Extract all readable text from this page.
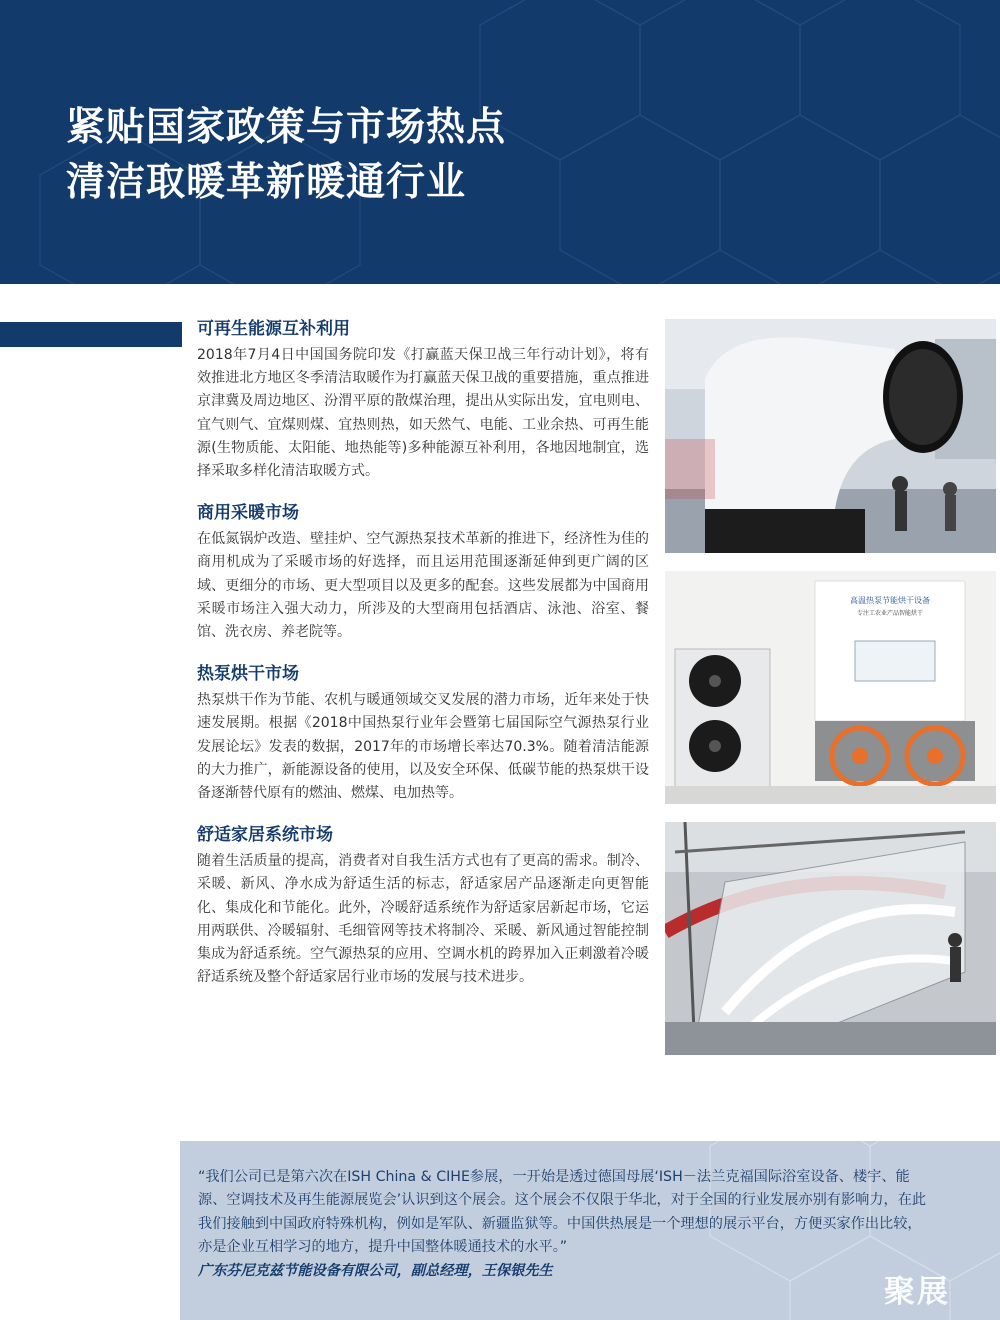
紧贴国家政策与市场热点
清洁取暖革新暖通行业
可再生能源互补利用

2018年7月4日中国国务院印发《打赢蓝天保卫战三年行动计划》，将有效推进北方地区冬季清洁取暖作为打赢蓝天保卫战的重要措施，重点推进京津冀及周边地区、汾渭平原的散煤治理，提出从实际出发，宜电则电、宜气则气、宜煤则煤、宜热则热，如天然气、电能、工业余热、可再生能源(生物质能、太阳能、地热能等)多种能源互补利用，各地因地制宜，选择采取多样化清洁取暖方式。

商用采暖市场

在低氮锅炉改造、壁挂炉、空气源热泵技术革新的推进下，经济性为佳的商用机成为了采暖市场的好选择，而且运用范围逐渐延伸到更广阔的区域、更细分的市场、更大型项目以及更多的配套。这些发展都为中国商用采暖市场注入强大动力，所涉及的大型商用包括酒店、泳池、浴室、餐馆、洗衣房、养老院等。

热泵烘干市场

热泵烘干作为节能、农机与暖通领域交叉发展的潜力市场，近年来处于快速发展期。根据《2018中国热泵行业年会暨第七届国际空气源热泵行业发展论坛》发表的数据，2017年的市场增长率达70.3%。随着清洁能源的大力推广，新能源设备的使用，以及安全环保、低碳节能的热泵烘干设备逐渐替代原有的燃油、燃煤、电加热等。

舒适家居系统市场

随着生活质量的提高，消费者对自我生活方式也有了更高的需求。制冷、采暖、新风、净水成为舒适生活的标志，舒适家居产品逐渐走向更智能化、集成化和节能化。此外，冷暖舒适系统作为舒适家居新起市场，它运用两联供、冷暖辐射、毛细管网等技术将制冷、采暖、新风通过智能控制集成为舒适系统。空气源热泵的应用、空调水机的跨界加入正刺激着冷暖舒适系统及整个舒适家居行业市场的发展与技术进步。

高温热泵节能烘干设备
专注工农业产品智能烘干
“我们公司已是第六次在ISH China & CIHE参展，一开始是透过德国母展‘ISH－法兰克福国际浴室设备、楼宇、能源、空调技术及再生能源展览会’认识到这个展会。这个展会不仅限于华北，对于全国的行业发展亦别有影响力，在此我们接触到中国政府特殊机构，例如是军队、新疆监狱等。中国供热展是一个理想的展示平台，方便买家作出比较，亦是企业互相学习的地方，提升中国整体暖通技术的水平。”
广东芬尼克兹节能设备有限公司，副总经理，王保银先生
聚展
